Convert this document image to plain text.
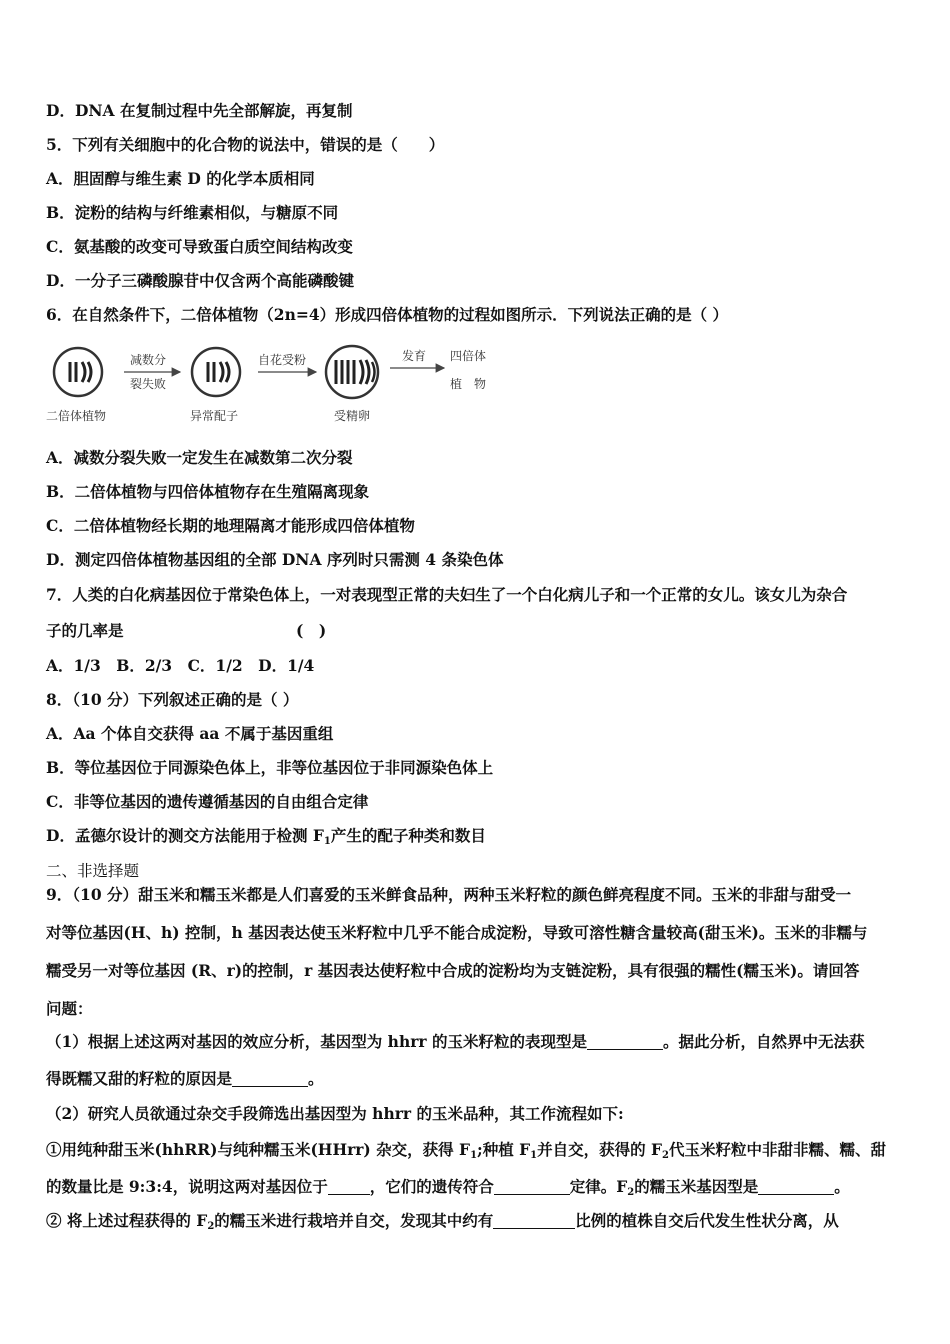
D．DNA 在复制过程中先全部解旋，再复制
5．下列有关细胞中的化合物的说法中，错误的是（　　）
A．胆固醇与维生素 D 的化学本质相同
B．淀粉的结构与纤维素相似，与糖原不同
C．氨基酸的改变可导致蛋白质空间结构改变
D．一分子三磷酸腺苷中仅含两个高能磷酸键
6．在自然条件下，二倍体植物（2n=4）形成四倍体植物的过程如图所示．下列说法正确的是（ ）
二倍体植物
减数分
裂失败
异常配子
自花受粉
受精卵
发育 四倍体
植　物
A．减数分裂失败一定发生在减数第二次分裂
B．二倍体植物与四倍体植物存在生殖隔离现象
C．二倍体植物经长期的地理隔离才能形成四倍体植物
D．测定四倍体植物基因组的全部 DNA 序列时只需测 4 条染色体
7．人类的白化病基因位于常染色体上，一对表现型正常的夫妇生了一个白化病儿子和一个正常的女儿。该女儿为杂合
子的几率是	(　)
A．1/3　B．2/3　C．1/2　D．1/4
8．（10 分）下列叙述正确的是（ ）
A．Aa 个体自交获得 aa 不属于基因重组
B．等位基因位于同源染色体上，非等位基因位于非同源染色体上
C．非等位基因的遗传遵循基因的自由组合定律
D．孟德尔设计的测交方法能用于检测 $F_1$产生的配子种类和数目
二、非选择题
9．（10 分）甜玉米和糯玉米都是人们喜爱的玉米鲜食品种，两种玉米籽粒的颜色鲜亮程度不同。玉米的非甜与甜受一
对等位基因(H、h) 控制，h 基因表达使玉米籽粒中几乎不能合成淀粉，导致可溶性糖含量较高(甜玉米)。玉米的非糯与
糯受另一对等位基因 (R、r)的控制，r 基因表达使籽粒中合成的淀粉均为支链淀粉，具有很强的糯性(糯玉米)。请回答
问题：
（1）根据上述这两对基因的效应分析，基因型为 hhrr 的玉米籽粒的表现型是	。据此分析，自然界中无法获
得既糯又甜的籽粒的原因是	。
（2）研究人员欲通过杂交手段筛选出基因型为 hhrr 的玉米品种，其工作流程如下:
①用纯种甜玉米(hhRR)与纯种糯玉米(HHrr) 杂交，获得 $F_1$;种植 $F_1$并自交，获得的 $F_2$代玉米籽粒中非甜非糯、糯、甜
的数量比是 9:3:4，说明这两对基因位于	，它们的遗传符合	定律。$F_2$的糯玉米基因型是	。
② 将上述过程获得的 $F_2$的糯玉米进行栽培并自交，发现其中约有	比例的植株自交后代发生性状分离，从
